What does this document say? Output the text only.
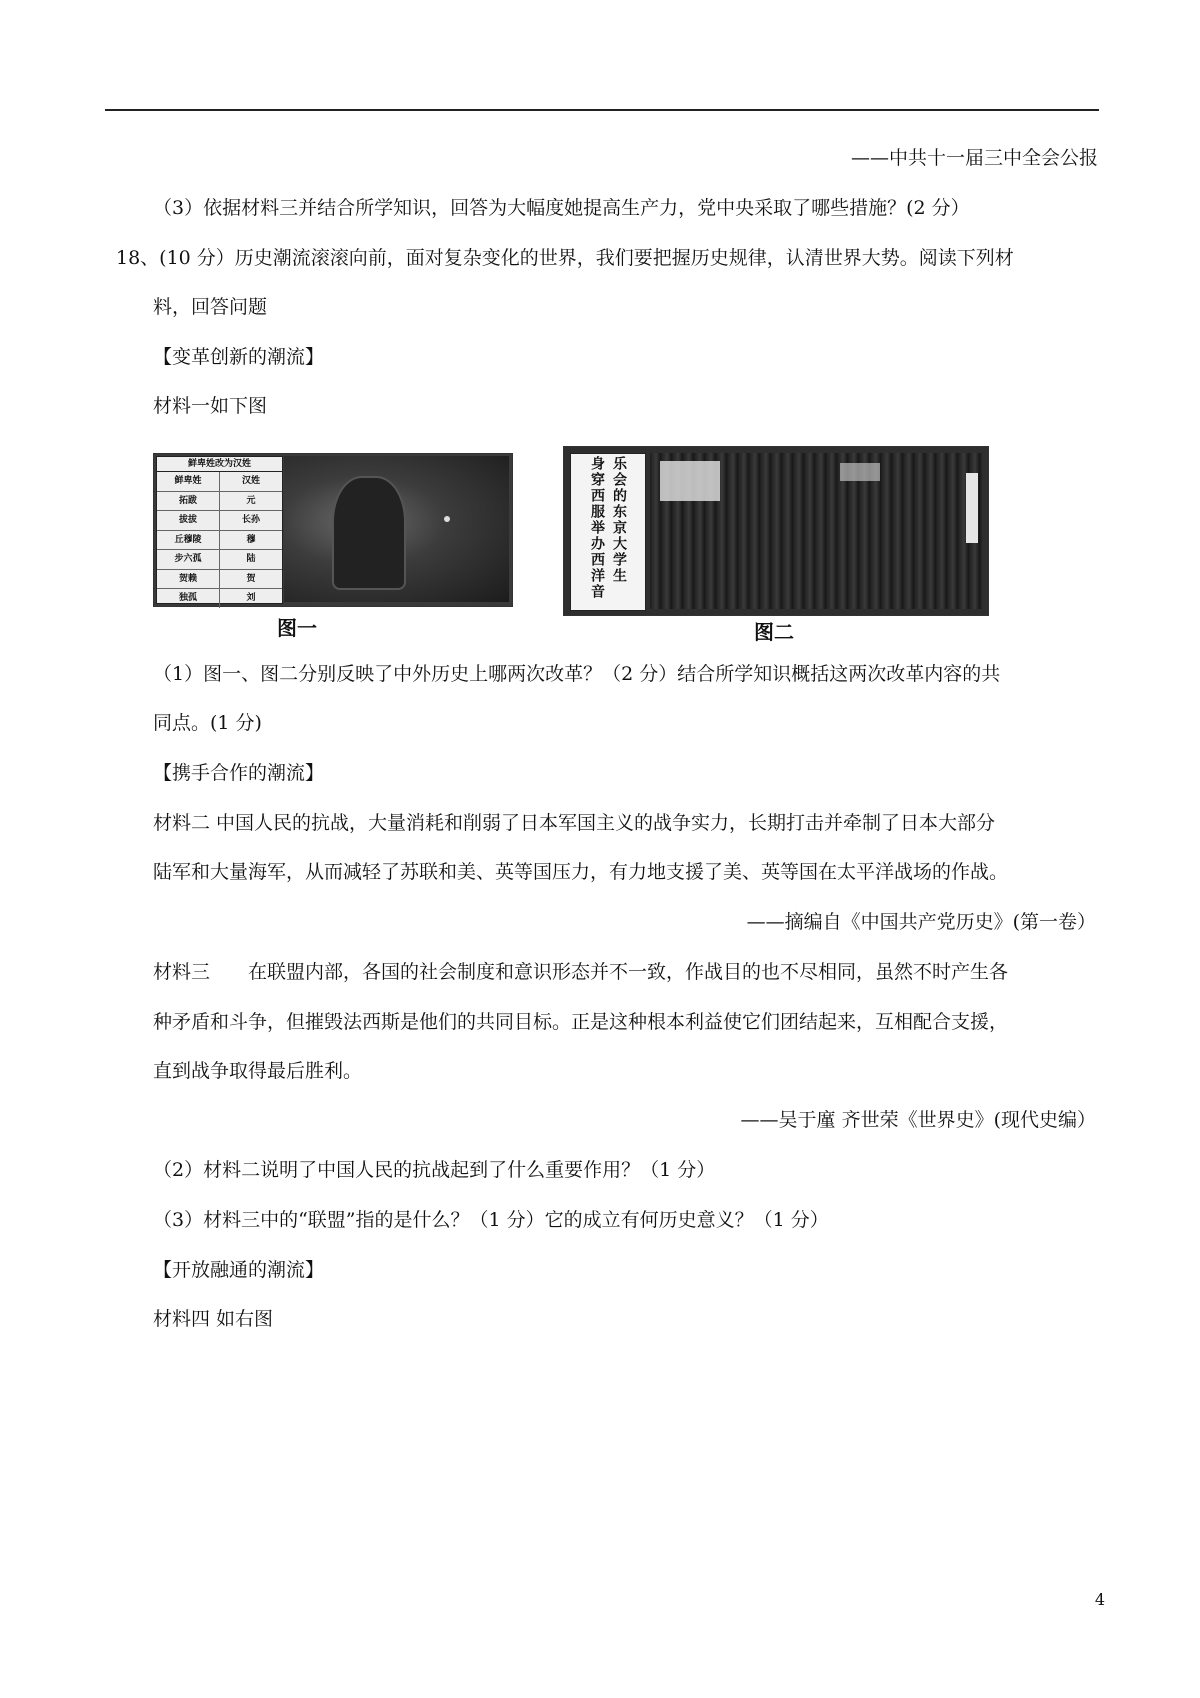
——中共十一届三中全会公报
（3）依据材料三并结合所学知识，回答为大幅度她提高生产力，党中央采取了哪些措施？(2 分）
18、(10 分）历史潮流滚滚向前，面对复杂变化的世界，我们要把握历史规律，认清世界大势。阅读下列材
料，回答问题
【变革创新的潮流】
材料一如下图
鲜卑姓改为汉姓
鲜卑姓	汉姓
拓跋	元
拔拔	长孙
丘穆陵	穆
步六孤	陆
贺赖	贺
独孤	刘
图一
乐会的东京大学生
身穿西服举办西洋音
图二
（1）图一、图二分别反映了中外历史上哪两次改革？（2 分）结合所学知识概括这两次改革内容的共
同点。(1 分)
【携手合作的潮流】
材料二 中国人民的抗战，大量消耗和削弱了日本军国主义的战争实力，长期打击并牵制了日本大部分
陆军和大量海军，从而减轻了苏联和美、英等国压力，有力地支援了美、英等国在太平洋战场的作战。
——摘编自《中国共产党历史》(第一卷）
材料三　　在联盟内部，各国的社会制度和意识形态并不一致，作战目的也不尽相同，虽然不时产生各
种矛盾和斗争，但摧毁法西斯是他们的共同目标。正是这种根本利益使它们团结起来，互相配合支援，
直到战争取得最后胜利。
——吴于廑 齐世荣《世界史》(现代史编）
（2）材料二说明了中国人民的抗战起到了什么重要作用？（1 分）
（3）材料三中的“联盟”指的是什么？（1 分）它的成立有何历史意义？（1 分）
【开放融通的潮流】
材料四 如右图
4
